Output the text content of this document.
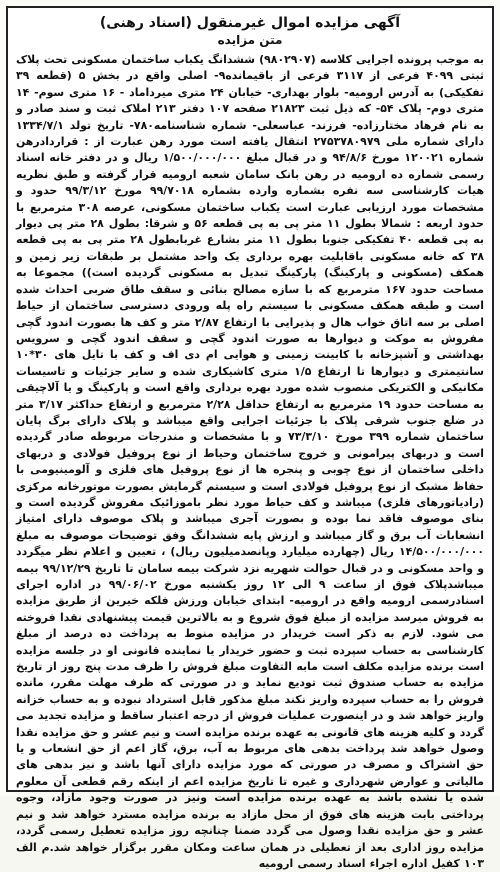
آگهی مزایده اموال غیرمنقول (اسناد رهنی)
متن مزایده
به موجب پرونده اجرایی کلاسه (۹۸۰۲۹۰۷) ششدانگ یکباب ساختمان مسکونی تحت پلاک ثبتی ۴۰۹۹ فرعی از ۳۱۱۷ فرعی از باقیمانده۹- اصلی واقع در بخش ۵ (قطعه ۳۹ تفکیکی) به آدرس ارومیه- بلوار بهداری- خیابان ۲۴ متری میرداماد - ۱۶ متری سوم- ۱۴ متری دوم- پلاک ۵۴- که ذیل ثبت ۲۱۸۲۳ صفحه ۱۰۷ دفتر ۲۱۳ املاک ثبت و سند صادر و به نام فرهاد مختارزاده- فرزند- عباسعلی- شماره شناسنامه۷۸۰- تاریخ تولد ۱۳۳۴/۷/۱ دارای شماره ملی ۲۷۵۳۷۸۰۹۷۹ انتقال یافته است مورد رهن عبارت از : قراردادرهن شماره ۱۲۰۰۲۱ مورخ ۹۴/۸/۶ و در قبال مبلغ ۱/۵۰۰/۰۰۰/۰۰۰ ریال و در دفتر خانه اسناد رسمی شماره ده ارومیه در رهن بانک سامان شعبه ارومیه قرار گرفته و طبق نظریه هیات کارشناسی سه نفره بشماره وارده بشماره ۹۹/۷۰۱۸ مورخ ۹۹/۳/۱۲ حدود و مشخصات مورد ارزیابی عبارت است یکباب ساختمان مسکونی، عرصه ۳۰۸ مترمربع با حدود اربعه : شمالا بطول ۱۱ متر پی به پی قطعه ۵۶ و شرقا: بطول ۲۸ متر پی دیوار به پی قطعه ۴۰ تفکیکی جنوبا بطول ۱۱ متر بشارع غربابطول ۲۸ متر پی به پی قطعه ۳۸ که خانه مسکونی باقابلیت بهره برداری یک واحد مشتمل بر طبقات زیر زمین و همکف (مسکونی و پارکینگ) پارکینگ تبدیل به مسکونی گردیده است)) مجموعا به مساحت حدود ۱۶۷ مترمربع که با سازه مصالح بنائی و سقف طاق ضربی احداث شده است و طبقه همکف مسکونی با سیستم راه پله ورودی دسترسی ساختمان از حیاط اصلی بر سه اتاق خواب هال و پذیرایی با ارتفاع ۲/۸۷ متر و کف ها بصورت اندود گچی مفروش به موکت و دیوارها به صورت اندود گچی و سقف اندود گچی و سرویس بهداشتی و آشپزخانه با کابینت زمینی و هوایی ام دی اف و کف با تایل های ۳۰*۱۰ سانتیمتری و دیوارها تا ارتفاع ۱/۵ متری کاشیکاری شده و سایر جزئیات و تاسیسات مکانیکی و الکتریکی منصوب شده مورد بهره برداری واقع است و پارکینگ و یا آلاچیقی به مساحت حدود ۱۹ مترمربع به ارتفاع حداقل ۲/۲۸ مترمربع و ارتفاع حداکثر ۳/۱۷ متر در ضلع جنوب شرقی پلاک با جزئیات اجرایی واقع میباشد و پلاک دارای برگ پایان ساختمان شماره ۳۹۹ مورخ ۷۳/۳/۱۰ و با مشخصات و مندرجات مربوطه صادر گردیده است و دربهای پیرامونی و خروج ساختمان وحیاط از نوع پروفیل فولادی و دربهای داخلی ساختمان از نوع چوبی و پنجره ها از نوع پروفیل های فلزی و آلومینیومی با حفاظ مشبک از نوع پروفیل فولادی است و سیستم گرمایش بصورت موتورخانه مرکزی (رادیاتورهای فلزی) میباشد و کف حیاط مورد نظر باموزائیک مفروش گردیده است و بنای موصوف فاقد نما بوده و بصورت آجری میباشد و پلاک موصوف دارای امتیاز انشعابات آب برق و گاز میباشد و ارزش پایه ششدانگ وفق توضیحات موصوف به مبلغ ۱۴/۵۰۰/۰۰۰/۰۰۰ ریال (چهارده میلیارد وپانصدمیلیون ریال) ، تعیین و اعلام نظر میگردد و واحد مسکونی و در قبال حوالت شهریه نزد شرکت بیمه سامان تا تاریخ ۹۹/۱۲/۲۹ بیمه میباشدپلاک فوق از ساعت ۹ الی ۱۲ روز یکشنبه مورخ ۹۹/۰۶/۰۲ در اداره اجرای اسنادرسمی ارومیه واقع در ارومیه- ابتدای خیابان ورزش فلکه خیرین از طریق مزایده به فروش میرسد مزایده از مبلغ فوق شروع و به بالاترین قیمت پیشنهادی نقدا فروخته می شود. لازم به ذکر است خریدار در مزایده منوط به پرداخت ده درصد از مبلغ کارشناسی به حساب سپرده ثبت و حضور خریدار یا نماینده قانونی او در جلسه مزایده است برنده مزایده مکلف است مابه التفاوت مبلغ فروش را ظرف مدت پنج روز از تاریخ مزایده به حساب صندوق ثبت تودیع نماید و در صورتی که ظرف مهلت مقرر، مانده فروش را به حساب سپرده واریز نکند مبلغ مذکور قابل استرداد نبوده و به حساب خزانه واریز خواهد شد و در اینصورت عملیات فروش از درجه اعتبار ساقط و مزایده تجدید می گردد و کلیه هزینه های قانونی به عهده برنده مزایده است و نیم عشر و حق مزایده نقدا وصول خواهد شد پرداخت بدهی های مربوط به آب، برق، گاز اعم از حق انشعاب و یا حق اشتراک و مصرف در صورتی که مورد مزایده دارای آنها باشد و نیز بدهی های مالیاتی و عوارض شهرداری و غیره تا تاریخ مزایده اعم از اینکه رقم قطعی آن معلوم شده یا نشده باشد به عهده برنده مزایده است ونیز در صورت وجود مازاد، وجوه پرداختی بابت هزینه های فوق از محل مازاد به برنده مزایده مسترد خواهد شد و نیم عشر و حق مزایده نقدا وصول می گردد ضمنا چنانچه روز مزایده تعطیل رسمی گردد، مزایده روز اداری بعد از تعطیلی در همان ساعت ومکان مقرر برگزار خواهد شد.م الف ۱۰۳ کفیل اداره اجراء اسناد رسمی ارومیه
